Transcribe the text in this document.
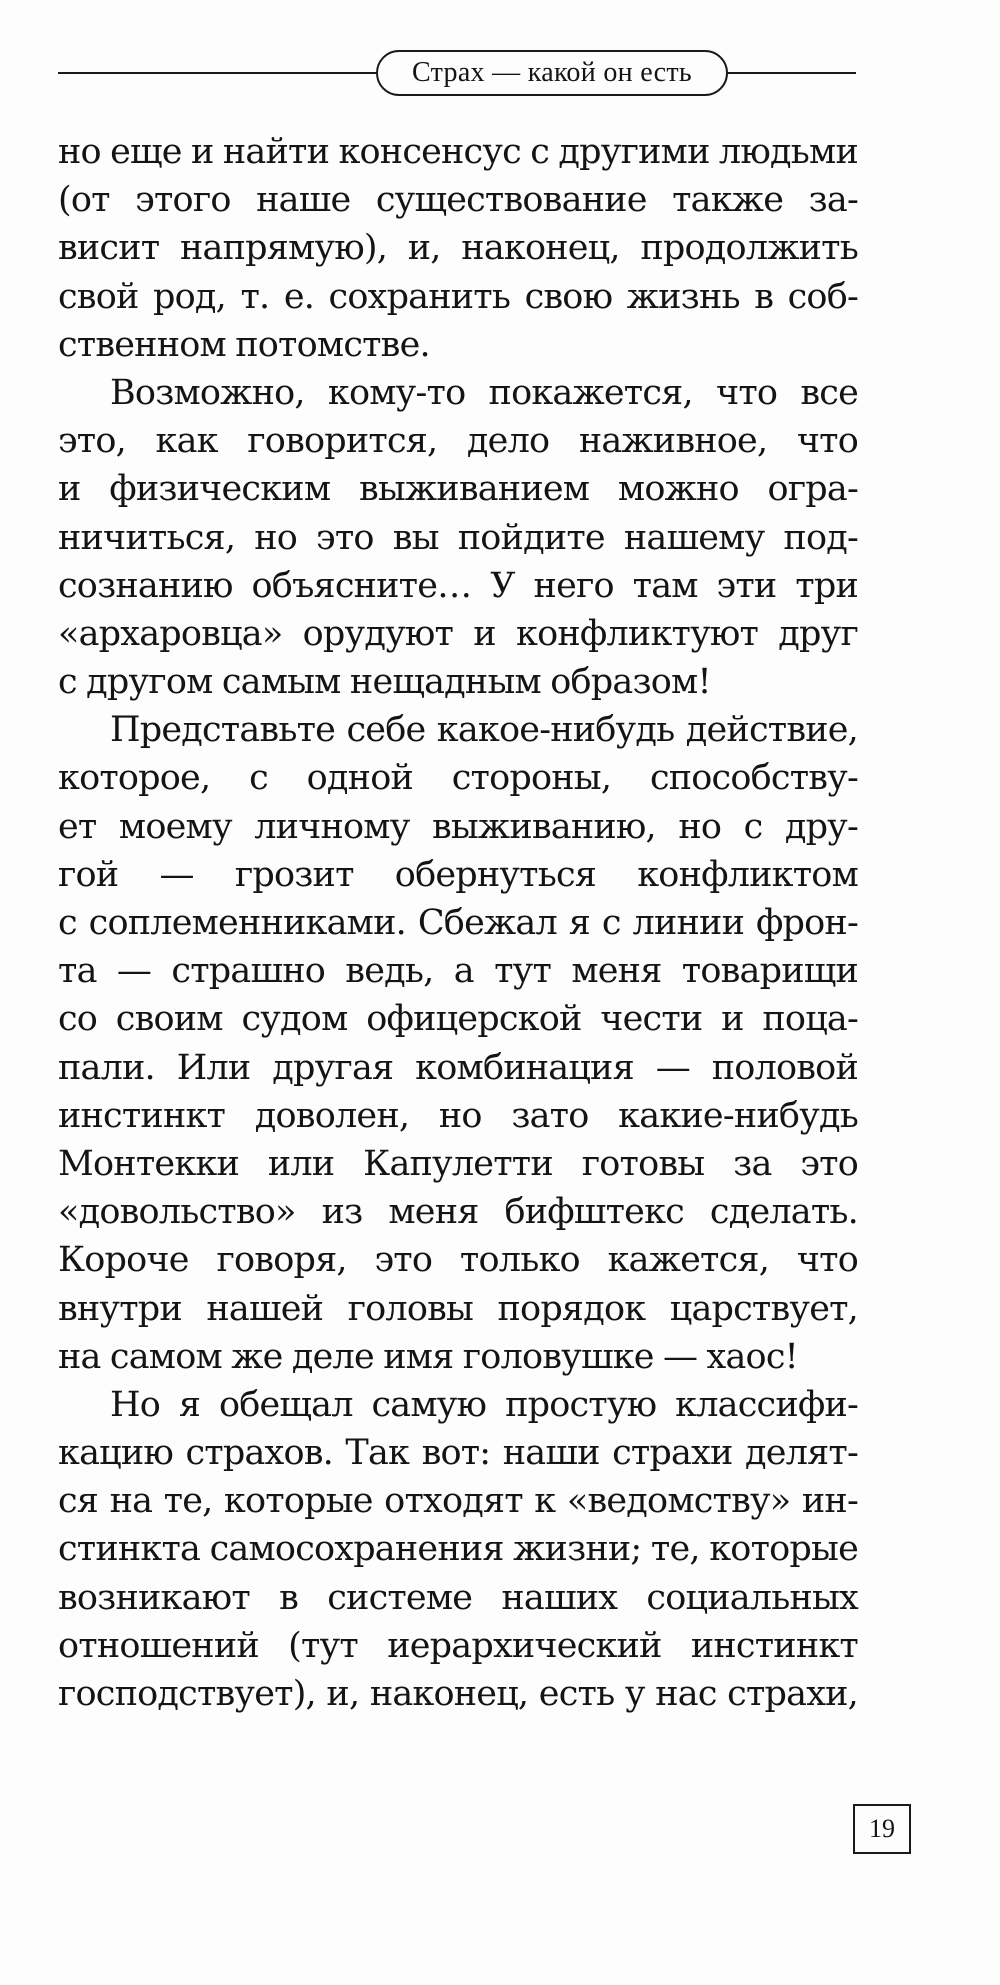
Страх — какой он есть
но еще и найти консенсус с другими людьми
(от этого наше существование также за-
висит напрямую), и, наконец, продолжить
свой род, т. е. сохранить свою жизнь в соб-
ственном потомстве.
Возможно, кому-то покажется, что все
это, как говорится, дело наживное, что
и физическим выживанием можно огра-
ничиться, но это вы пойдите нашему под-
сознанию объясните… У него там эти три
«архаровца» орудуют и конфликтуют друг
с другом самым нещадным образом!
Представьте себе какое-нибудь действие,
которое, с одной стороны, способству-
ет моему личному выживанию, но с дру-
гой — грозит обернуться конфликтом
с соплеменниками. Сбежал я с линии фрон-
та — страшно ведь, а тут меня товарищи
со своим судом офицерской чести и поца-
пали. Или другая комбинация — половой
инстинкт доволен, но зато какие-нибудь
Монтекки или Капулетти готовы за это
«довольство» из меня бифштекс сделать.
Короче говоря, это только кажется, что
внутри нашей головы порядок царствует,
на самом же деле имя головушке — хаос!
Но я обещал самую простую классифи-
кацию страхов. Так вот: наши страхи делят-
ся на те, которые отходят к «ведомству» ин-
стинкта самосохранения жизни; те, которые
возникают в системе наших социальных
отношений (тут иерархический инстинкт
господствует), и, наконец, есть у нас страхи,
19
